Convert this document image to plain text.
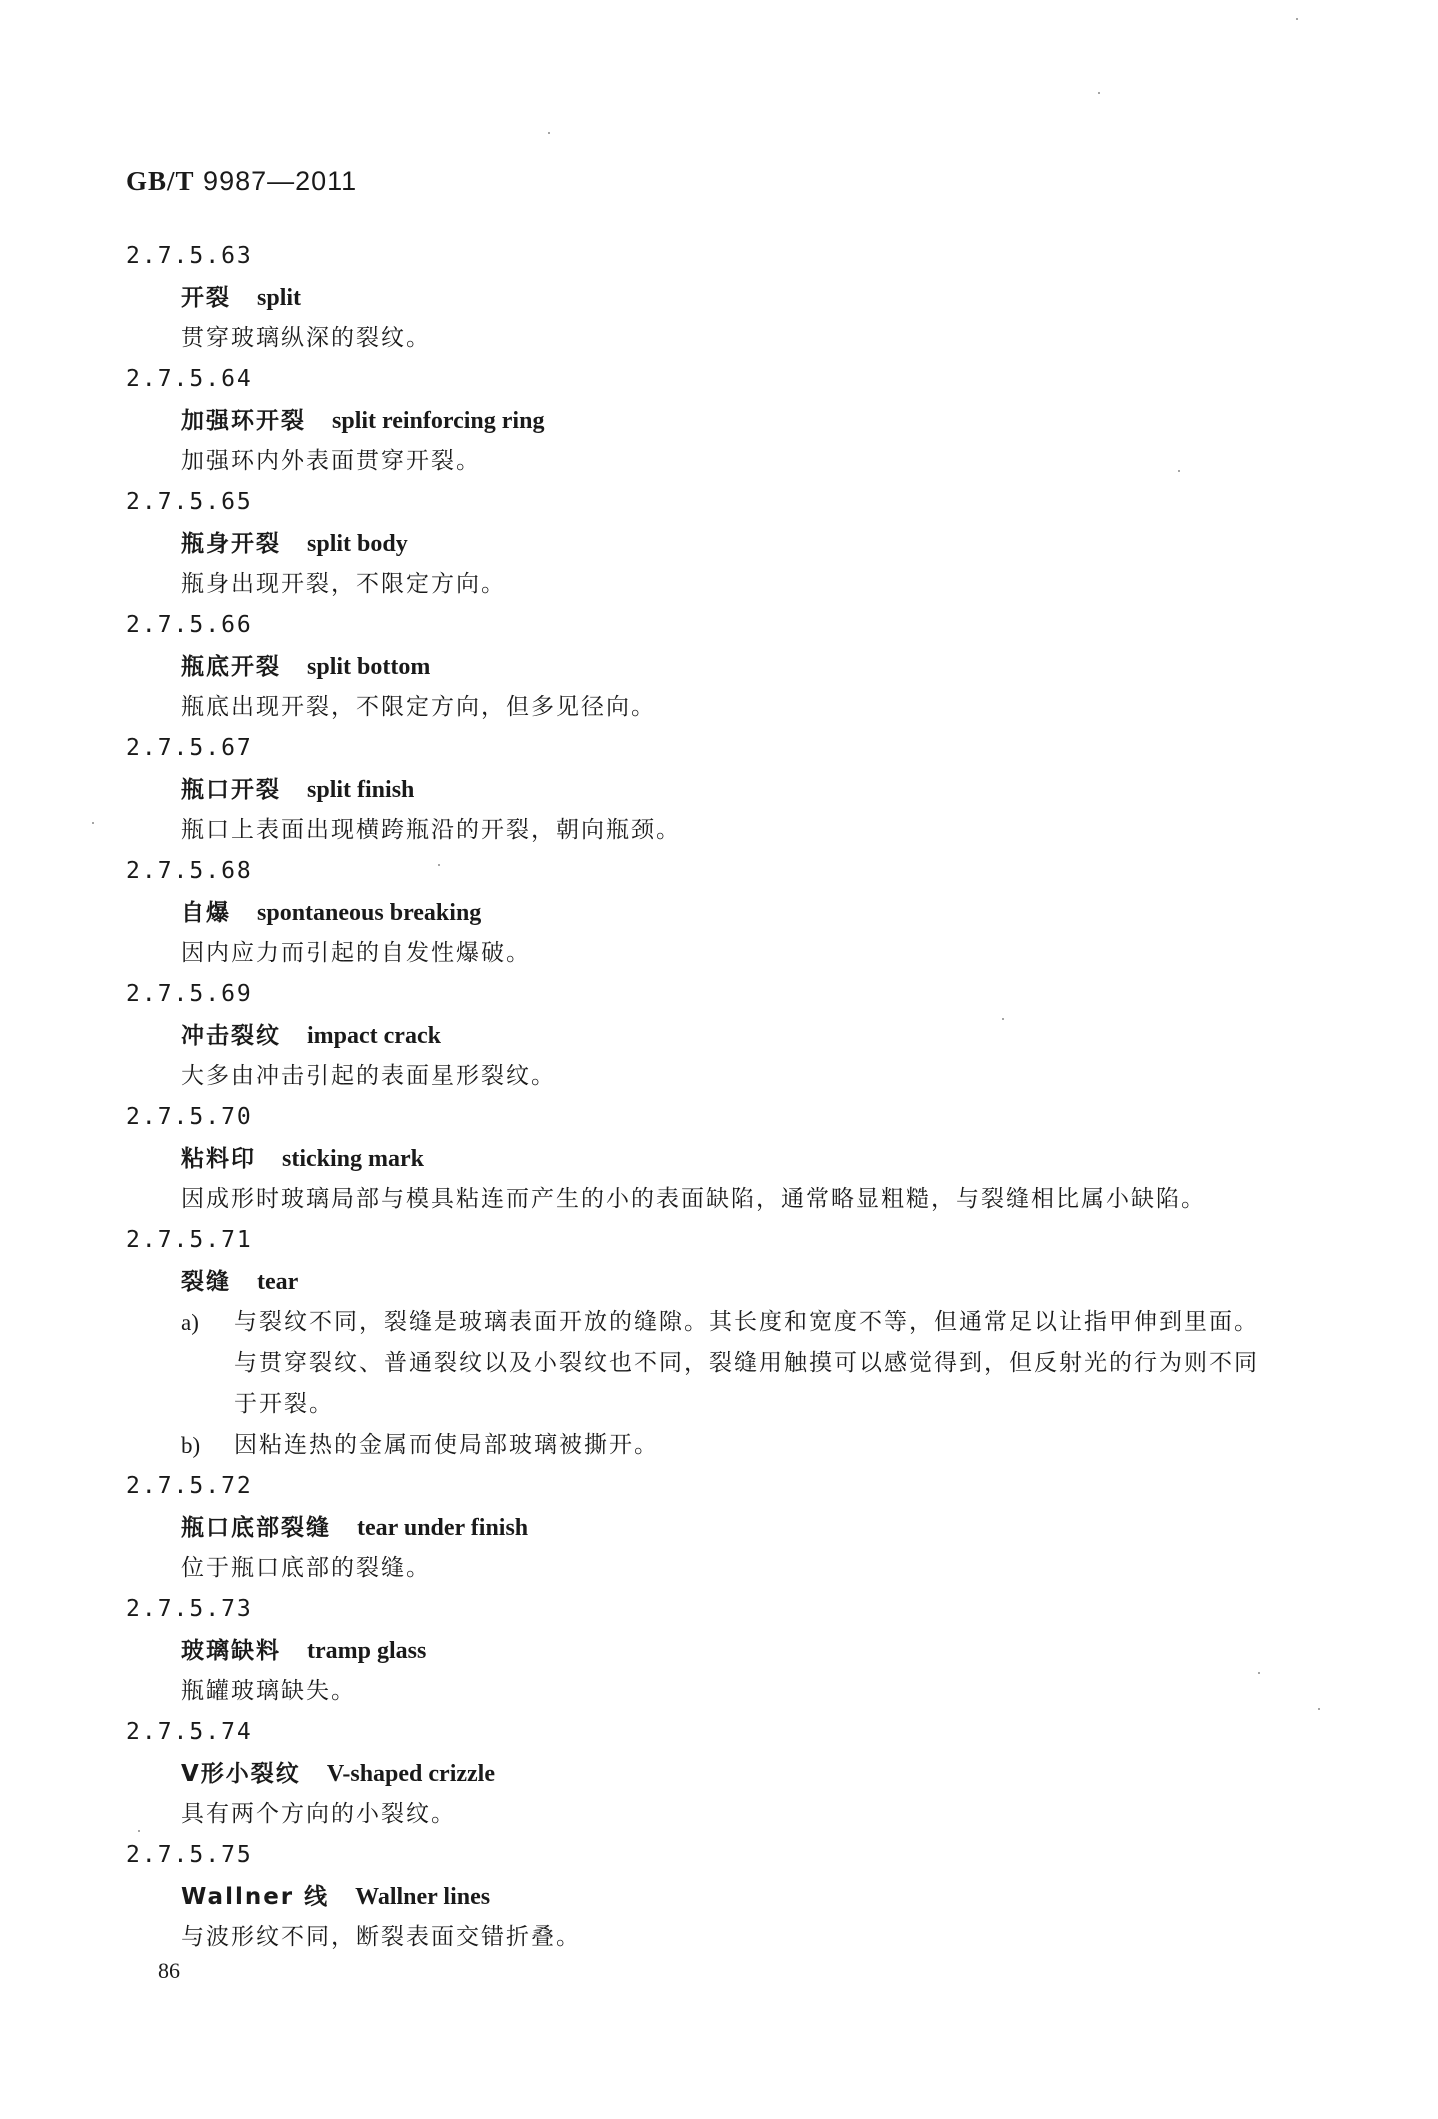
GB/T 9987—2011
2.7.5.63
开裂 split
贯穿玻璃纵深的裂纹。
2.7.5.64
加强环开裂 split reinforcing ring
加强环内外表面贯穿开裂。
2.7.5.65
瓶身开裂 split body
瓶身出现开裂，不限定方向。
2.7.5.66
瓶底开裂 split bottom
瓶底出现开裂，不限定方向，但多见径向。
2.7.5.67
瓶口开裂 split finish
瓶口上表面出现横跨瓶沿的开裂，朝向瓶颈。
2.7.5.68
自爆 spontaneous breaking
因内应力而引起的自发性爆破。
2.7.5.69
冲击裂纹 impact crack
大多由冲击引起的表面星形裂纹。
2.7.5.70
粘料印 sticking mark
因成形时玻璃局部与模具粘连而产生的小的表面缺陷，通常略显粗糙，与裂缝相比属小缺陷。
2.7.5.71
裂缝 tear
a) 与裂纹不同，裂缝是玻璃表面开放的缝隙。其长度和宽度不等，但通常足以让指甲伸到里面。
与贯穿裂纹、普通裂纹以及小裂纹也不同，裂缝用触摸可以感觉得到，但反射光的行为则不同
于开裂。
b) 因粘连热的金属而使局部玻璃被撕开。
2.7.5.72
瓶口底部裂缝 tear under finish
位于瓶口底部的裂缝。
2.7.5.73
玻璃缺料 tramp glass
瓶罐玻璃缺失。
2.7.5.74
V形小裂纹 V-shaped crizzle
具有两个方向的小裂纹。
2.7.5.75
Wallner 线 Wallner lines
与波形纹不同，断裂表面交错折叠。
86
